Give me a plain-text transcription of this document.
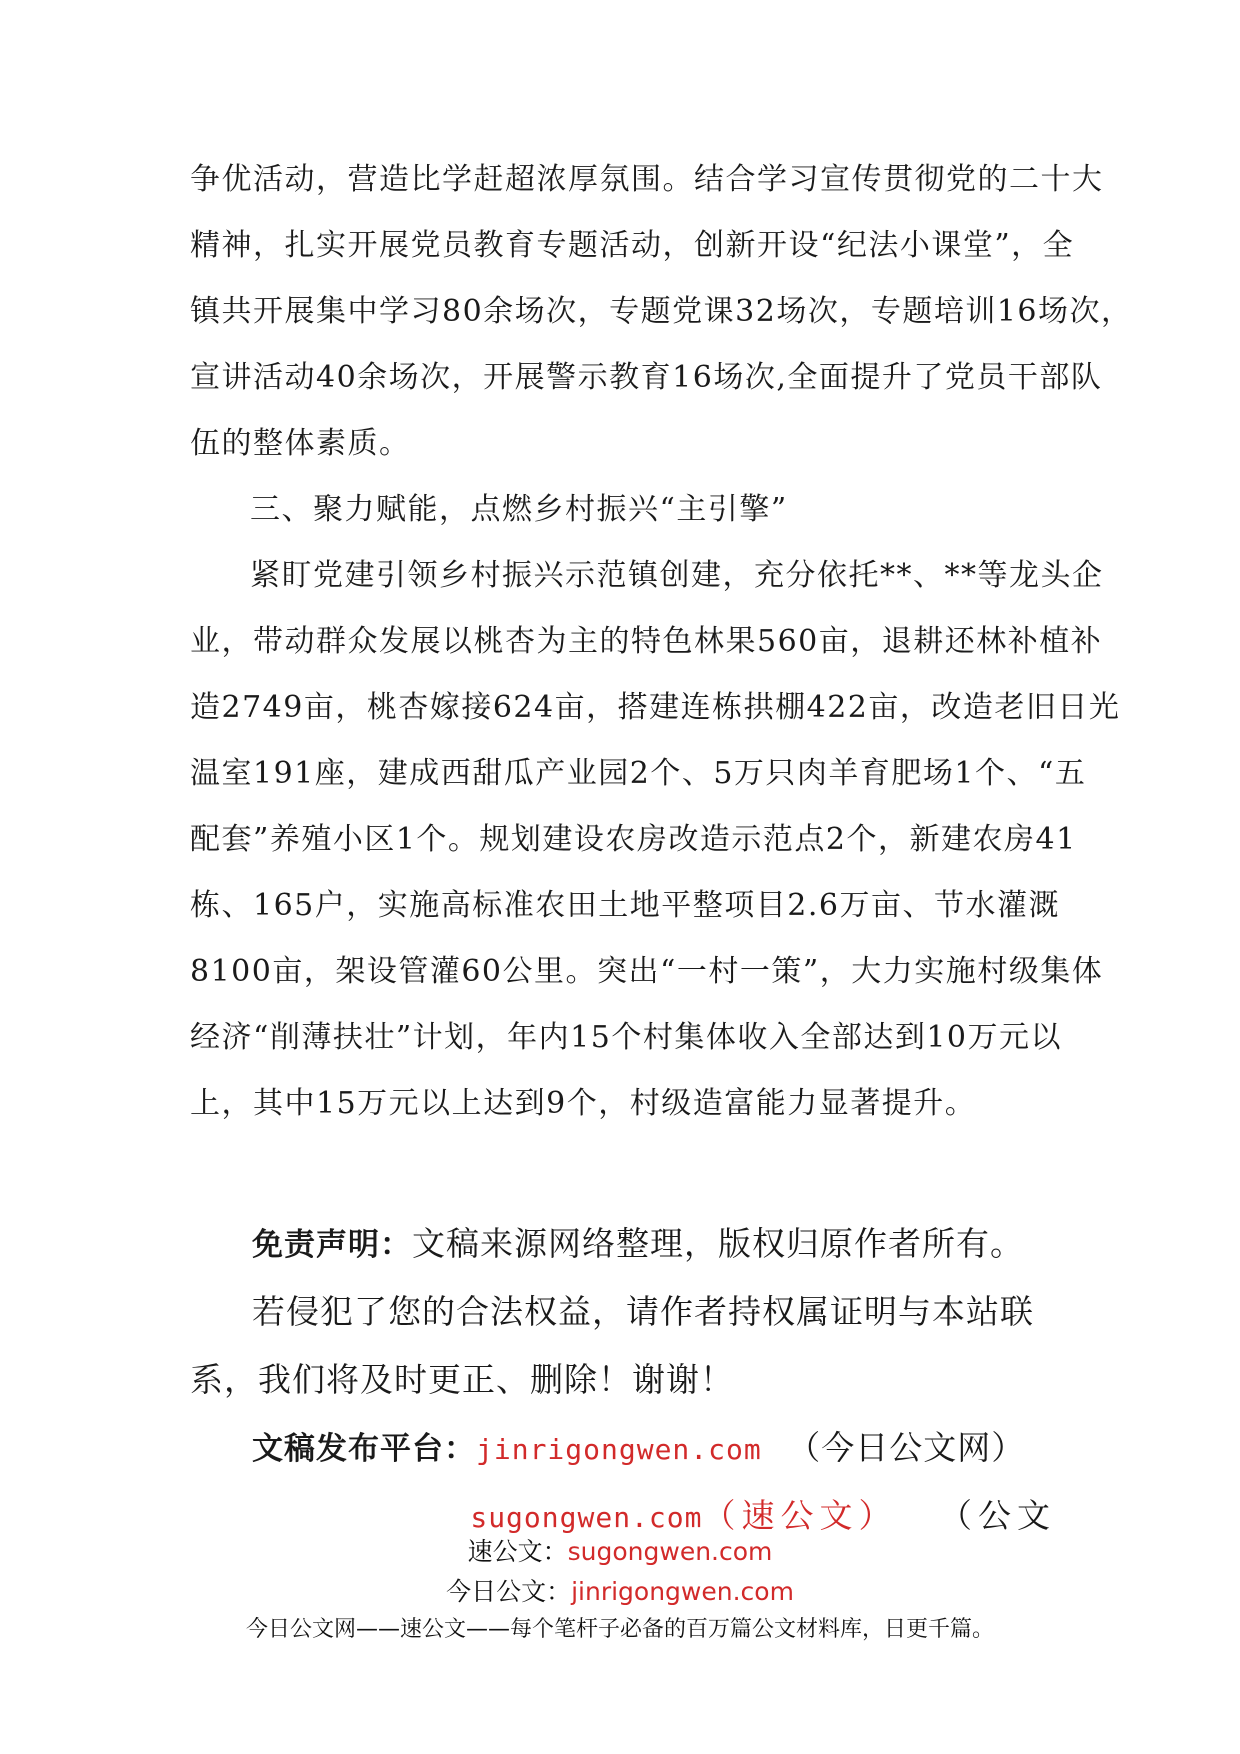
争优活动，营造比学赶超浓厚氛围。结合学习宣传贯彻党的二十大
精神，扎实开展党员教育专题活动，创新开设“纪法小课堂”，全
镇共开展集中学习80余场次，专题党课32场次，专题培训16场次，
宣讲活动40余场次，开展警示教育16场次,全面提升了党员干部队
伍的整体素质。
三、聚力赋能，点燃乡村振兴“主引擎”
紧盯党建引领乡村振兴示范镇创建，充分依托**、**等龙头企
业，带动群众发展以桃杏为主的特色林果560亩，退耕还林补植补
造2749亩，桃杏嫁接624亩，搭建连栋拱棚422亩，改造老旧日光
温室191座，建成西甜瓜产业园2个、5万只肉羊育肥场1个、“五
配套”养殖小区1个。规划建设农房改造示范点2个，新建农房41
栋、165户，实施高标准农田土地平整项目2.6万亩、节水灌溉
8100亩，架设管灌60公里。突出“一村一策”，大力实施村级集体
经济“削薄扶壮”计划，年内15个村集体收入全部达到10万元以
上，其中15万元以上达到9个，村级造富能力显著提升。
免责声明：文稿来源网络整理，版权归原作者所有。
若侵犯了您的合法权益，请作者持权属证明与本站联
系，我们将及时更正、删除！谢谢！
文稿发布平台：jinrigongwen.com （今日公文网）
sugongwen.com（速公文） （公文
速公文：sugongwen.com
今日公文：jinrigongwen.com
今日公文网——速公文——每个笔杆子必备的百万篇公文材料库，日更千篇。
